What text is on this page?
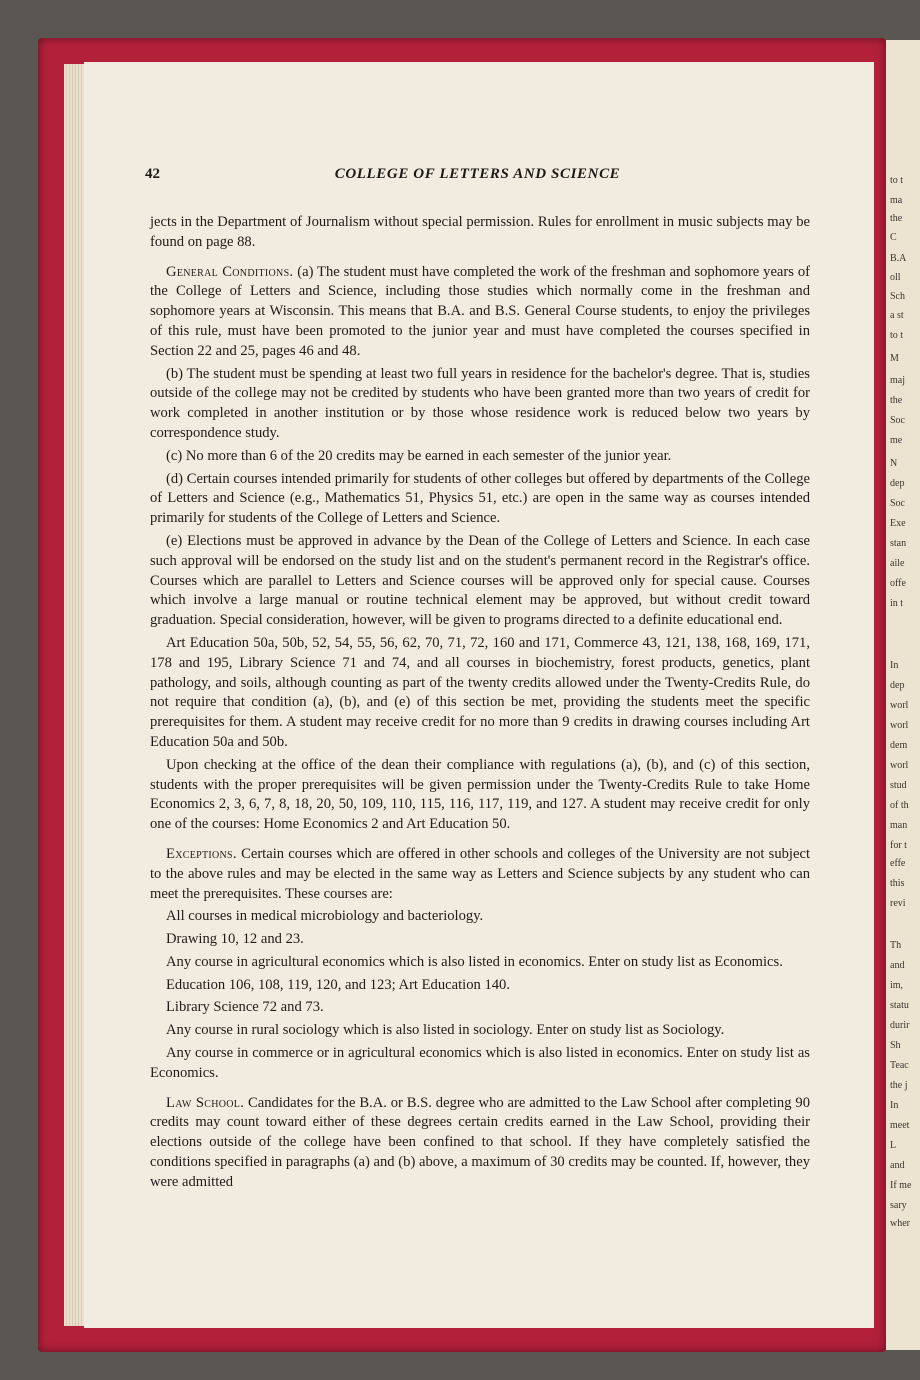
to t
ma
the
C
B.A
oll
Sch
a st
to t
M
maj
the
Soc
me
N
dep
Soc
Exe
stan
aile
offe
in t
In
dep
worl
worl
dem
worl
stud
of th
man
for t
effe
this
revi
Th
and
im,
statu
durir
Sh
Teac
the j
In
meet
L
and
If me
sary
wher
42	COLLEGE OF LETTERS AND SCIENCE

jects in the Department of Journalism without special permission. Rules for enrollment in music subjects may be found on page 88.

General Conditions. (a) The student must have completed the work of the freshman and sophomore years of the College of Letters and Science, including those studies which normally come in the freshman and sophomore years at Wisconsin. This means that B.A. and B.S. General Course students, to enjoy the privileges of this rule, must have been promoted to the junior year and must have completed the courses specified in Section 22 and 25, pages 46 and 48.

(b) The student must be spending at least two full years in residence for the bachelor's degree. That is, studies outside of the college may not be credited by students who have been granted more than two years of credit for work completed in another institution or by those whose residence work is reduced below two years by correspondence study.

(c) No more than 6 of the 20 credits may be earned in each semester of the junior year.

(d) Certain courses intended primarily for students of other colleges but offered by departments of the College of Letters and Science (e.g., Mathematics 51, Physics 51, etc.) are open in the same way as courses intended primarily for students of the College of Letters and Science.

(e) Elections must be approved in advance by the Dean of the College of Letters and Science. In each case such approval will be endorsed on the study list and on the student's permanent record in the Registrar's office. Courses which are parallel to Letters and Science courses will be approved only for special cause. Courses which involve a large manual or routine technical element may be approved, but without credit toward graduation. Special consideration, however, will be given to programs directed to a definite educational end.

Art Education 50a, 50b, 52, 54, 55, 56, 62, 70, 71, 72, 160 and 171, Commerce 43, 121, 138, 168, 169, 171, 178 and 195, Library Science 71 and 74, and all courses in biochemistry, forest products, genetics, plant pathology, and soils, although counting as part of the twenty credits allowed under the Twenty-Credits Rule, do not require that condition (a), (b), and (e) of this section be met, providing the students meet the specific prerequisites for them. A student may receive credit for no more than 9 credits in drawing courses including Art Education 50a and 50b.

Upon checking at the office of the dean their compliance with regulations (a), (b), and (c) of this section, students with the proper prerequisites will be given permission under the Twenty-Credits Rule to take Home Economics 2, 3, 6, 7, 8, 18, 20, 50, 109, 110, 115, 116, 117, 119, and 127. A student may receive credit for only one of the courses: Home Economics 2 and Art Education 50.

Exceptions. Certain courses which are offered in other schools and colleges of the University are not subject to the above rules and may be elected in the same way as Letters and Science subjects by any student who can meet the prerequisites. These courses are:

All courses in medical microbiology and bacteriology.

Drawing 10, 12 and 23.

Any course in agricultural economics which is also listed in economics. Enter on study list as Economics.

Education 106, 108, 119, 120, and 123; Art Education 140.

Library Science 72 and 73.

Any course in rural sociology which is also listed in sociology. Enter on study list as Sociology.

Any course in commerce or in agricultural economics which is also listed in economics. Enter on study list as Economics.

Law School. Candidates for the B.A. or B.S. degree who are admitted to the Law School after completing 90 credits may count toward either of these degrees certain credits earned in the Law School, providing their elections outside of the college have been confined to that school. If they have completely satisfied the conditions specified in paragraphs (a) and (b) above, a maximum of 30 credits may be counted. If, however, they were admitted
